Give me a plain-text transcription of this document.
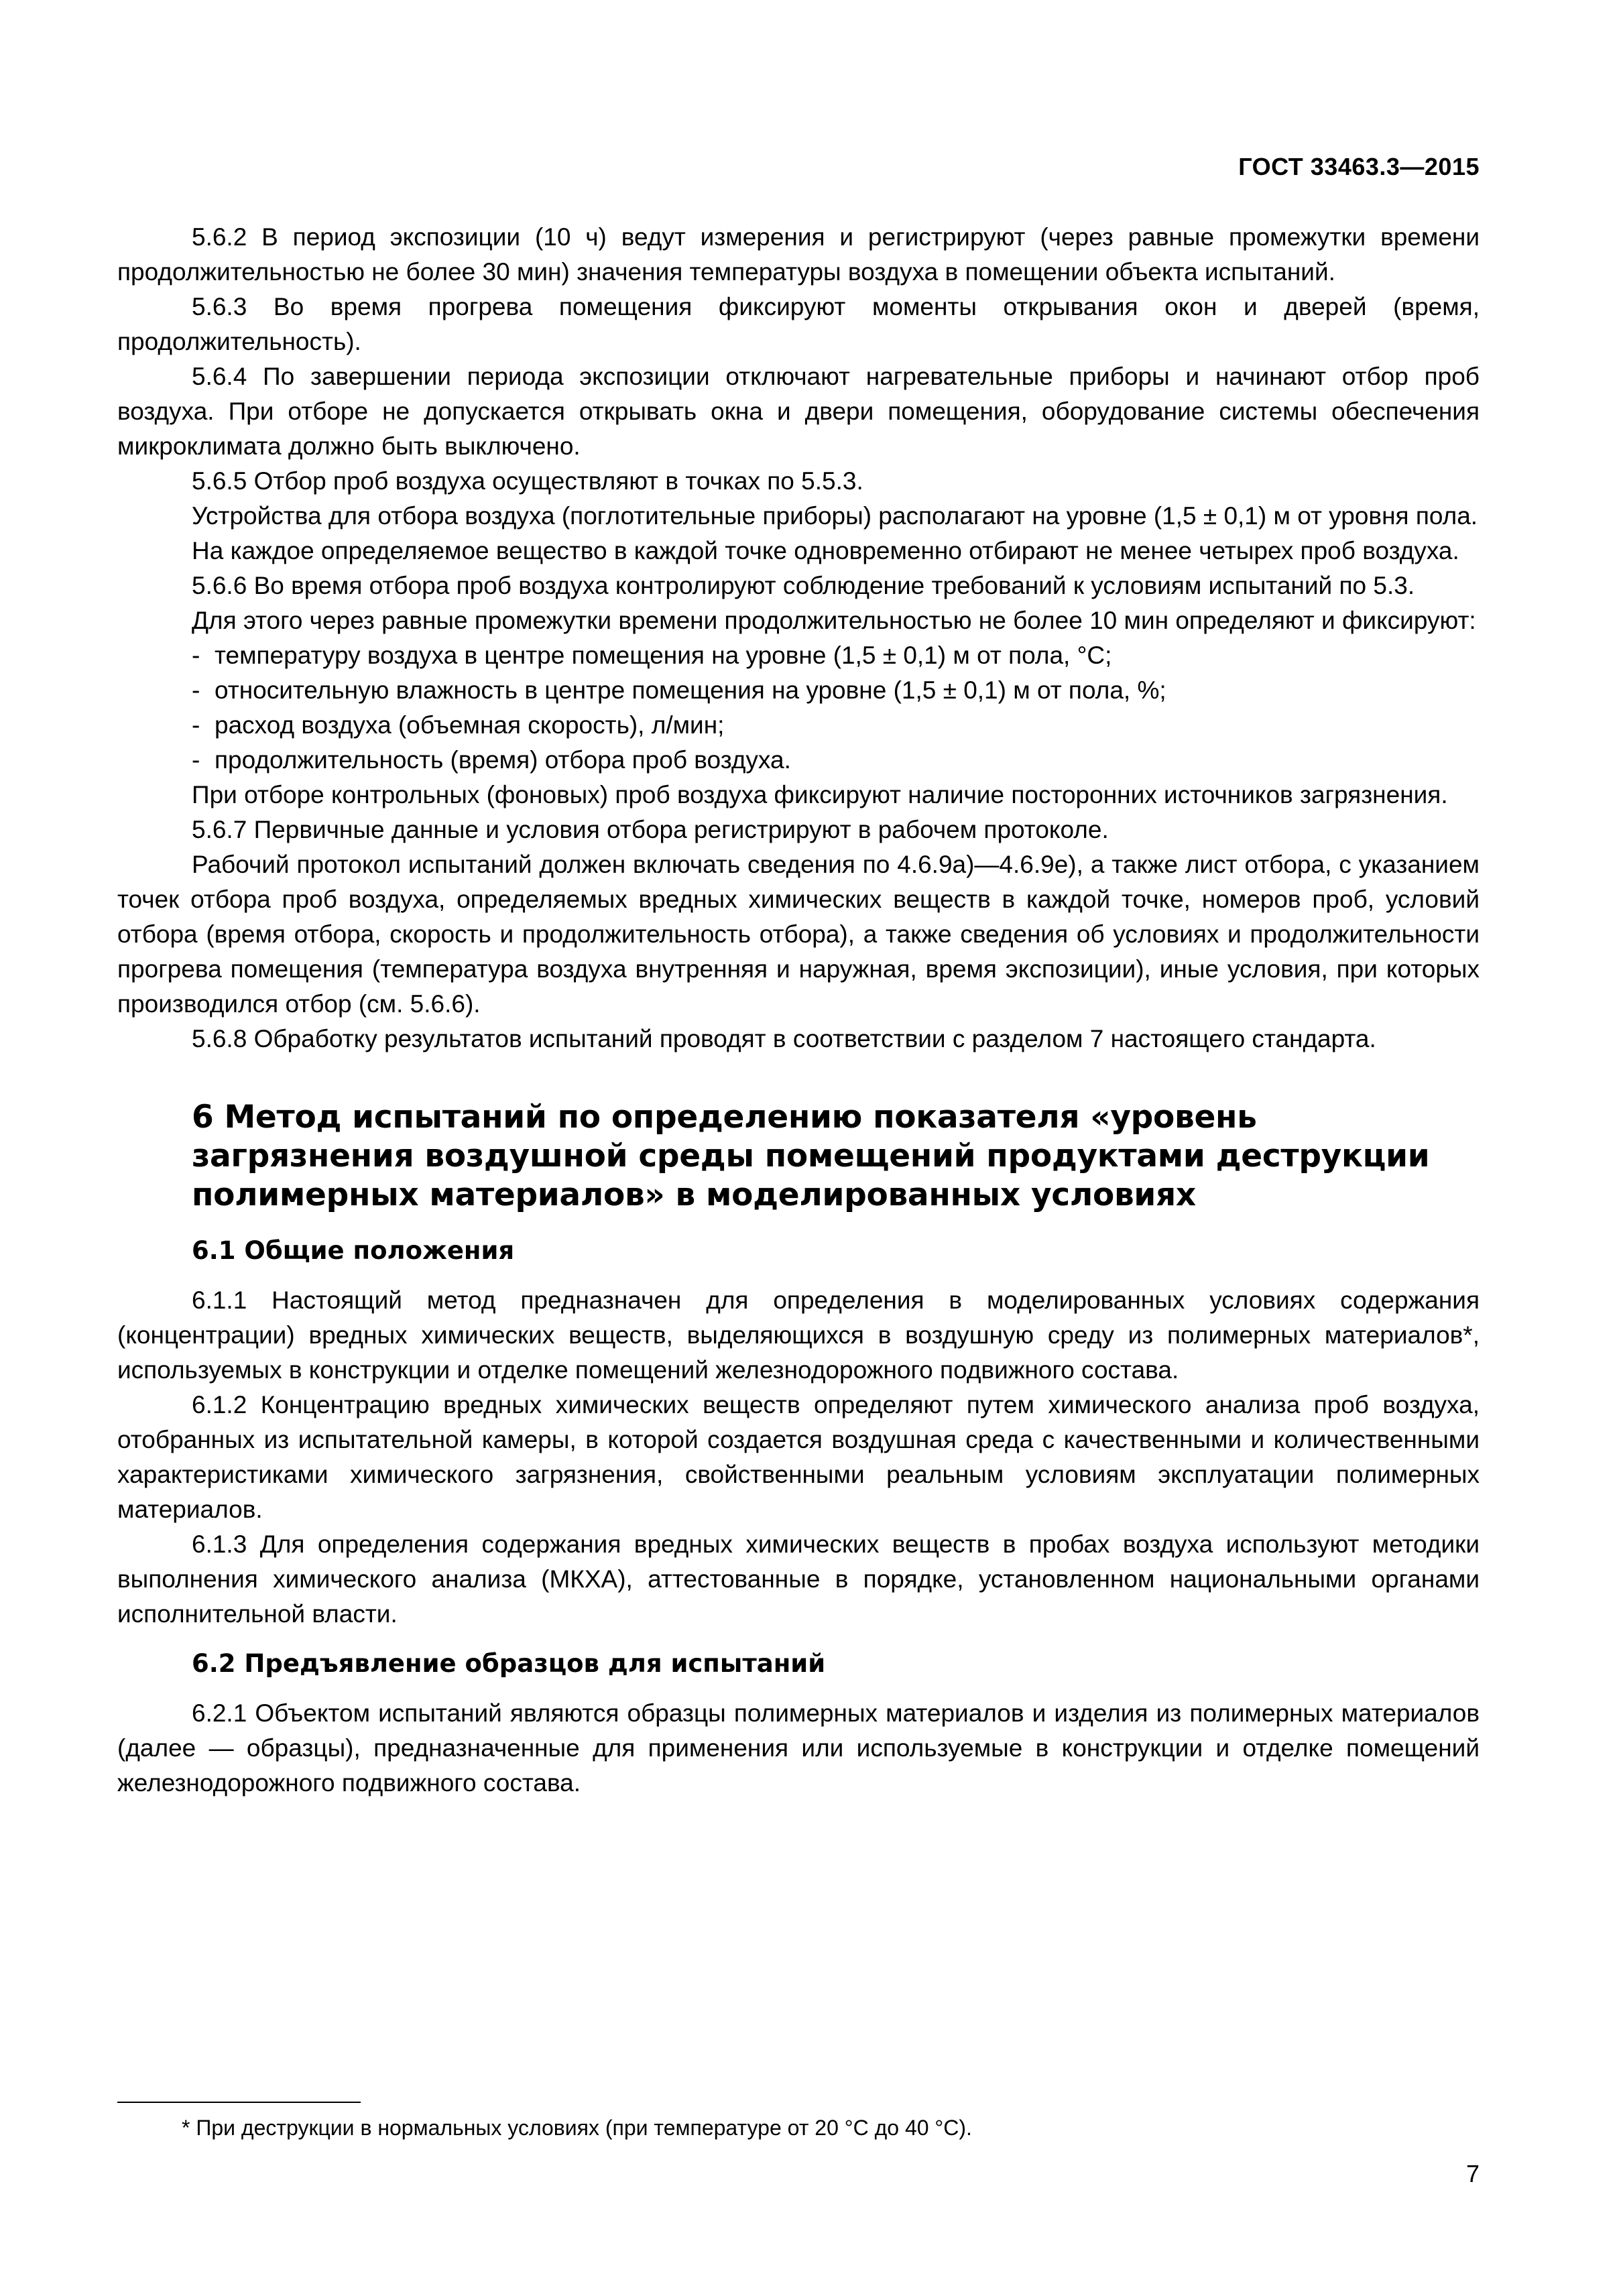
ГОСТ 33463.3—2015

5.6.2 В период экспозиции (10 ч) ведут измерения и регистрируют (через равные промежутки времени продолжительностью не более 30 мин) значения температуры воздуха в помещении объекта испытаний.

5.6.3 Во время прогрева помещения фиксируют моменты открывания окон и дверей (время, продолжительность).

5.6.4 По завершении периода экспозиции отключают нагревательные приборы и начинают отбор проб воздуха. При отборе не допускается открывать окна и двери помещения, оборудование системы обеспечения микроклимата должно быть выключено.

5.6.5 Отбор проб воздуха осуществляют в точках по 5.5.3.

Устройства для отбора воздуха (поглотительные приборы) располагают на уровне (1,5 ± 0,1) м от уровня пола.

На каждое определяемое вещество в каждой точке одновременно отбирают не менее четырех проб воздуха.

5.6.6 Во время отбора проб воздуха контролируют соблюдение требований к условиям испытаний по 5.3.

Для этого через равные промежутки времени продолжительностью не более 10 мин определяют и фиксируют:

- температуру воздуха в центре помещения на уровне (1,5 ± 0,1) м от пола, °С;

- относительную влажность в центре помещения на уровне (1,5 ± 0,1) м от пола, %;

- расход воздуха (объемная скорость), л/мин;

- продолжительность (время) отбора проб воздуха.

При отборе контрольных (фоновых) проб воздуха фиксируют наличие посторонних источников загрязнения.

5.6.7 Первичные данные и условия отбора регистрируют в рабочем протоколе.

Рабочий протокол испытаний должен включать сведения по 4.6.9а)—4.6.9е), а также лист отбора, с указанием точек отбора проб воздуха, определяемых вредных химических веществ в каждой точке, номеров проб, условий отбора (время отбора, скорость и продолжительность отбора), а также сведения об условиях и продолжительности прогрева помещения (температура воздуха внутренняя и наружная, время экспозиции), иные условия, при которых производился отбор (см. 5.6.6).

5.6.8 Обработку результатов испытаний проводят в соответствии с разделом 7 настоящего стандарта.

6 Метод испытаний по определению показателя «уровень загрязнения воздушной среды помещений продуктами деструкции полимерных материалов» в моделированных условиях
6.1 Общие положения

6.1.1 Настоящий метод предназначен для определения в моделированных условиях содержания (концентрации) вредных химических веществ, выделяющихся в воздушную среду из полимерных материалов*, используемых в конструкции и отделке помещений железнодорожного подвижного состава.

6.1.2 Концентрацию вредных химических веществ определяют путем химического анализа проб воздуха, отобранных из испытательной камеры, в которой создается воздушная среда с качественными и количественными характеристиками химического загрязнения, свойственными реальным условиям эксплуатации полимерных материалов.

6.1.3 Для определения содержания вредных химических веществ в пробах воздуха используют методики выполнения химического анализа (МКХА), аттестованные в порядке, установленном национальными органами исполнительной власти.

6.2 Предъявление образцов для испытаний

6.2.1 Объектом испытаний являются образцы полимерных материалов и изделия из полимерных материалов (далее — образцы), предназначенные для применения или используемые в конструкции и отделке помещений железнодорожного подвижного состава.

* При деструкции в нормальных условиях (при температуре от 20 °С до 40 °С).
7
